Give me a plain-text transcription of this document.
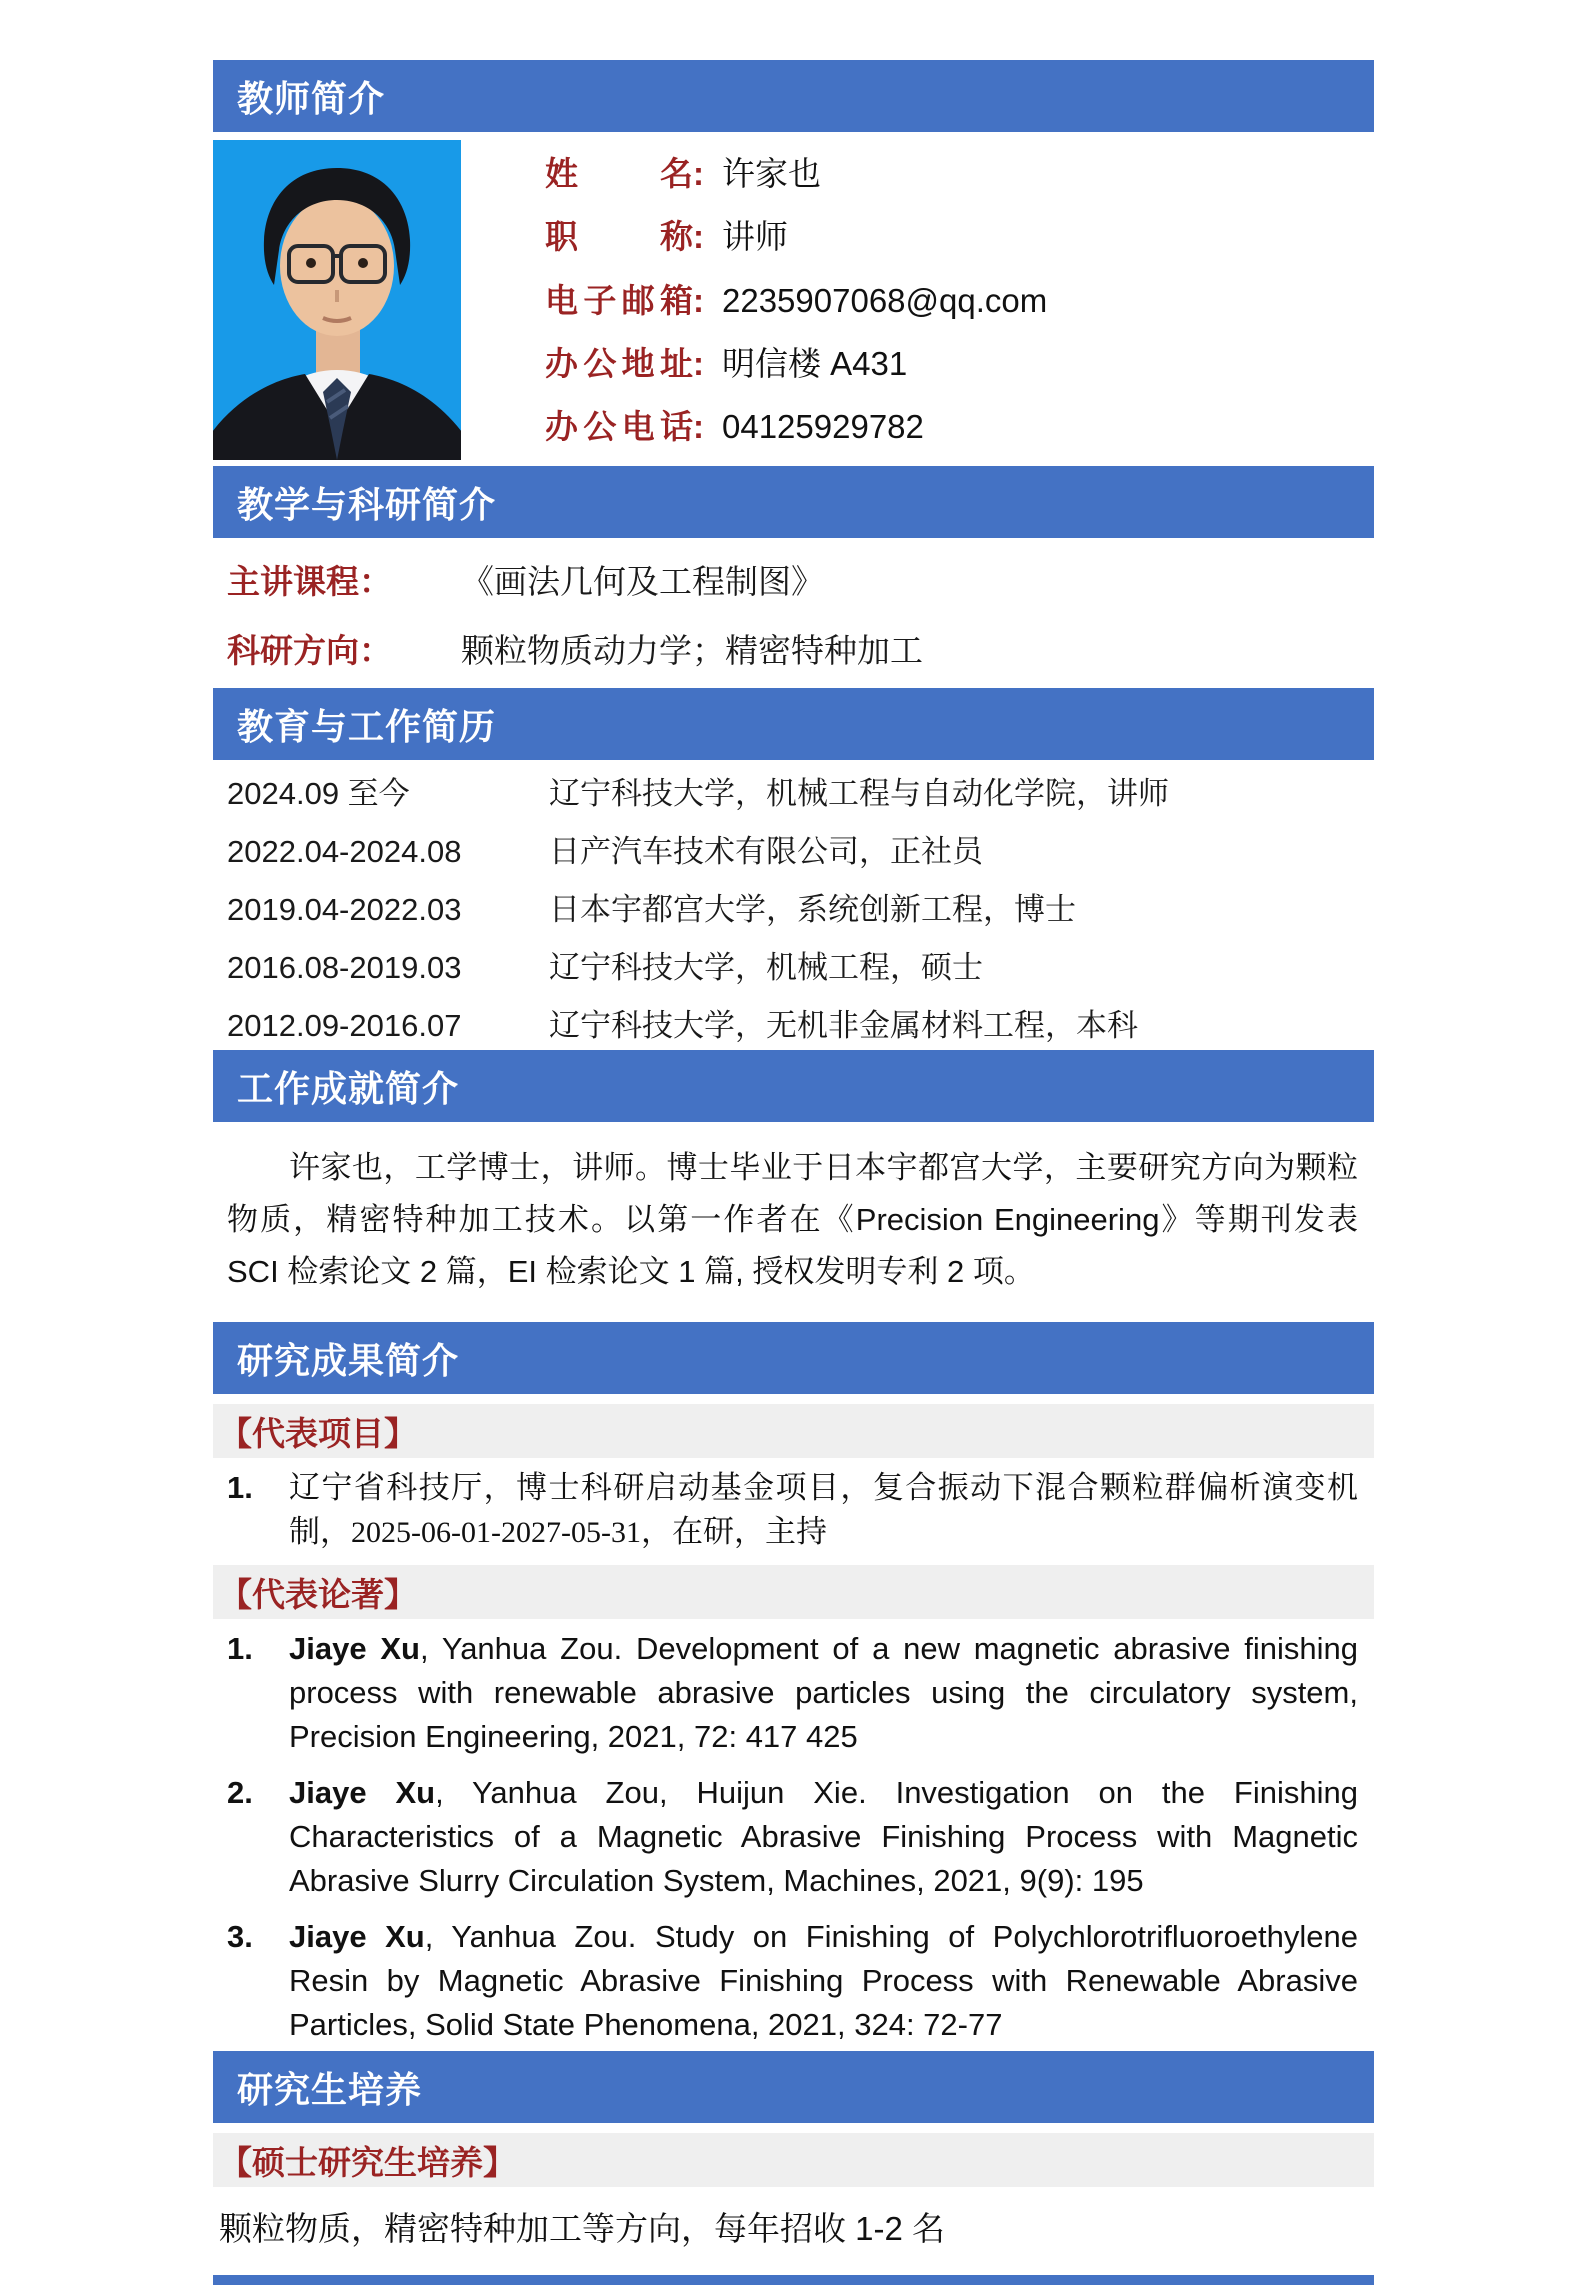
教师简介
姓名: 许家也
职称: 讲师
电子邮箱: 2235907068@qq.com
办公地址: 明信楼 A431
办公电话: 04125929782
教学与科研简介
主讲课程： 《画法几何及工程制图》
科研方向： 颗粒物质动力学；精密特种加工
教育与工作简历
2024.09 至今	辽宁科技大学，机械工程与自动化学院，讲师
2022.04-2024.08	日产汽车技术有限公司，正社员
2019.04-2022.03	日本宇都宫大学，系统创新工程，博士
2016.08-2019.03	辽宁科技大学，机械工程，硕士
2012.09-2016.07	辽宁科技大学，无机非金属材料工程，本科
工作成就简介

许家也，工学博士，讲师。博士毕业于日本宇都宫大学，主要研究方向为颗粒物质，精密特种加工技术。以第一作者在《Precision Engineering》等期刊发表 SCI 检索论文 2 篇，EI 检索论文 1 篇, 授权发明专利 2 项。

研究成果简介
【代表项目】
1.	辽宁省科技厅，博士科研启动基金项目，复合振动下混合颗粒群偏析演变机制，2025-06-01-2027-05-31，在研，主持
【代表论著】
1.	Jiaye Xu, Yanhua Zou. Development of a new magnetic abrasive finishing process with renewable abrasive particles using the circulatory system, Precision Engineering, 2021, 72: 417 425
2.	Jiaye Xu, Yanhua Zou, Huijun Xie. Investigation on the Finishing Characteristics of a Magnetic Abrasive Finishing Process with Magnetic Abrasive Slurry Circulation System, Machines, 2021, 9(9): 195
3.	Jiaye Xu, Yanhua Zou. Study on Finishing of Polychlorotrifluoroethylene Resin by Magnetic Abrasive Finishing Process with Renewable Abrasive Particles, Solid State Phenomena, 2021, 324: 72-77
研究生培养
【硕士研究生培养】

颗粒物质，精密特种加工等方向，每年招收 1-2 名
